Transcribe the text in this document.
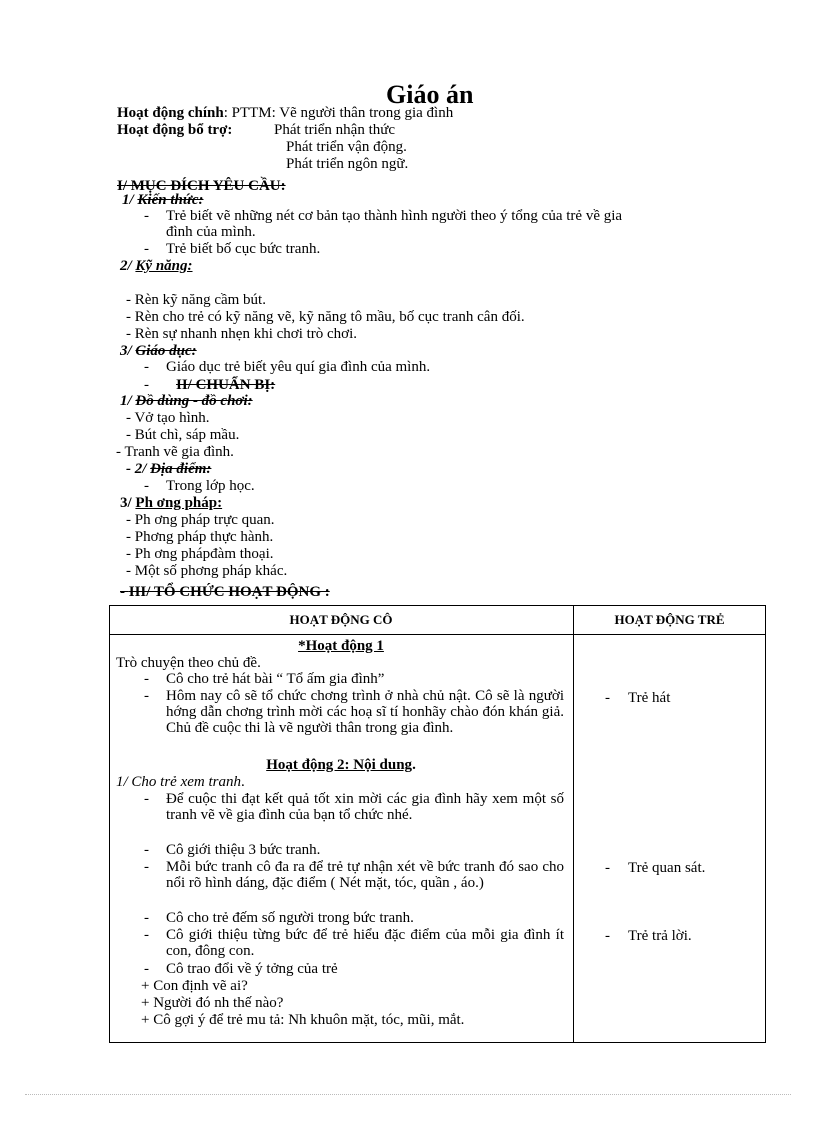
Giáo án
Hoạt động chính: PTTM: Vẽ người thân trong gia đình
Hoạt động bổ trợ:	Phát triển nhận thức
Phát triển vận động.
Phát triển ngôn ngữ.
I/ MỤC ĐÍCH YÊU CẦU:
1/ Kiến thức:
- Trẻ biết vẽ những nét cơ bản tạo thành hình người theo ý tổng của trẻ về gia
đình của mình.
- Trẻ biết bố cục bức tranh.
2/ Kỹ năng:
- Rèn kỹ năng cầm bút.
- Rèn cho trẻ có kỹ năng vẽ, kỹ năng tô mầu, bố cục tranh cân đối.
- Rèn sự nhanh nhẹn khi chơi trò chơi.
3/ Giáo dục:
- Giáo dục trẻ biết yêu quí gia đình của mình.
- II/ CHUẨN BỊ:
1/ Đồ dùng - đồ chơi:
- Vở tạo hình.
- Bút chì, sáp mầu.
- Tranh vẽ gia đình.
- 2/ Địa điểm:
- Trong lớp học.
3/ Ph ơng pháp:
- Ph ơng pháp trực quan.
- Phơng pháp thực hành.
- Ph ơng phápđàm thoại.
- Một số phơng pháp khác.
- III/ TỔ CHỨC HOẠT ĐỘNG :
HOẠT ĐỘNG CÔ	HOẠT ĐỘNG TRẺ
*Hoạt động 1
Trò chuyện theo chủ đề.
- Cô cho trẻ hát bài “ Tổ ấm gia đình”
- Hôm nay cô sẽ tổ chức chơng trình ở nhà chủ nật. Cô sẽ là người hớng dẫn chơng trình mời các hoạ sĩ tí honhãy chào đón khán giả. Chủ đề cuộc thi là vẽ người thân trong gia đình.
Hoạt động 2: Nội dung.
1/ Cho trẻ xem tranh.
- Để cuộc thi đạt kết quả tốt xin mời các gia đình hãy xem một số tranh vẽ về gia đình của bạn tổ chức nhé.
- Cô giới thiệu 3 bức tranh.
- Mỗi bức tranh cô đa ra để trẻ tự nhận xét về bức tranh đó sao cho nổi rõ hình dáng, đặc điểm ( Nét mặt, tóc, quần , áo.)
- Cô cho trẻ đếm số người trong bức tranh.
- Cô giới thiệu từng bức để trẻ hiểu đặc điểm của mỗi gia đình ít con, đông con.
- Cô trao đổi về ý tởng của trẻ
+ Con định vẽ ai?
+ Người đó nh thế nào?
+ Cô gợi ý để trẻ mu tả: Nh khuôn mặt, tóc, mũi, mắt.
- Trẻ hát
- Trẻ quan sát.
- Trẻ trả lời.
